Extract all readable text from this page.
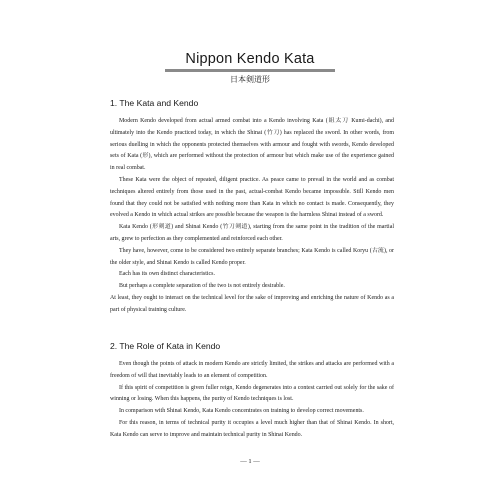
Nippon Kendo Kata

日本剣道形

1. The Kata and Kendo

Modern Kendo developed from actual armed combat into a Kendo involving Kata (組太刀 Kumi-dachi), and ultimately into the Kendo practiced today, in which the Shinai (竹刀) has replaced the sword. In other words, from serious duelling in which the opponents protected themselves with armour and fought with swords, Kendo developed sets of Kata (形), which are performed without the protection of armour but which make use of the experience gained in real combat.

These Kata were the object of repeated, diligent practice. As peace came to prevail in the world and as combat techniques altered entirely from those used in the past, actual-combat Kendo became impossible. Still Kendo men found that they could not be satisfied with nothing more than Kata in which no contact is made. Consequently, they evolved a Kendo in which actual strikes are possible because the weapon is the harmless Shinai instead of a sword.

Kata Kendo (形剣道) and Shinai Kendo (竹刀剣道), starting from the same point in the tradition of the martial arts, grew to perfection as they complemented and reinforced each other.

They have, however, come to be considered two entirely separate branches; Kata Kendo is called Koryu (古流), or the older style, and Shinai Kendo is called Kendo proper.

Each has its own distinct characteristics.

But perhaps a complete separation of the two is not entirely desirable.

At least, they ought to interact on the technical level for the sake of improving and enriching the nature of Kendo as a part of physical training culture.

2. The Role of Kata in Kendo

Even though the points of attack in modern Kendo are strictly limited, the strikes and attacks are performed with a freedom of will that inevitably leads to an element of competition.

If this spirit of competition is given fuller reign, Kendo degenerates into a contest carried out solely for the sake of winning or losing. When this happens, the purity of Kendo techniques is lost.

In comparison with Shinai Kendo, Kata Kendo concentrates on training to develop correct movements.

For this reason, in terms of technical purity it occupies a level much higher than that of Shinai Kendo. In short, Kata Kendo can serve to improve and maintain technical purity in Shinai Kendo.

— 1 —
